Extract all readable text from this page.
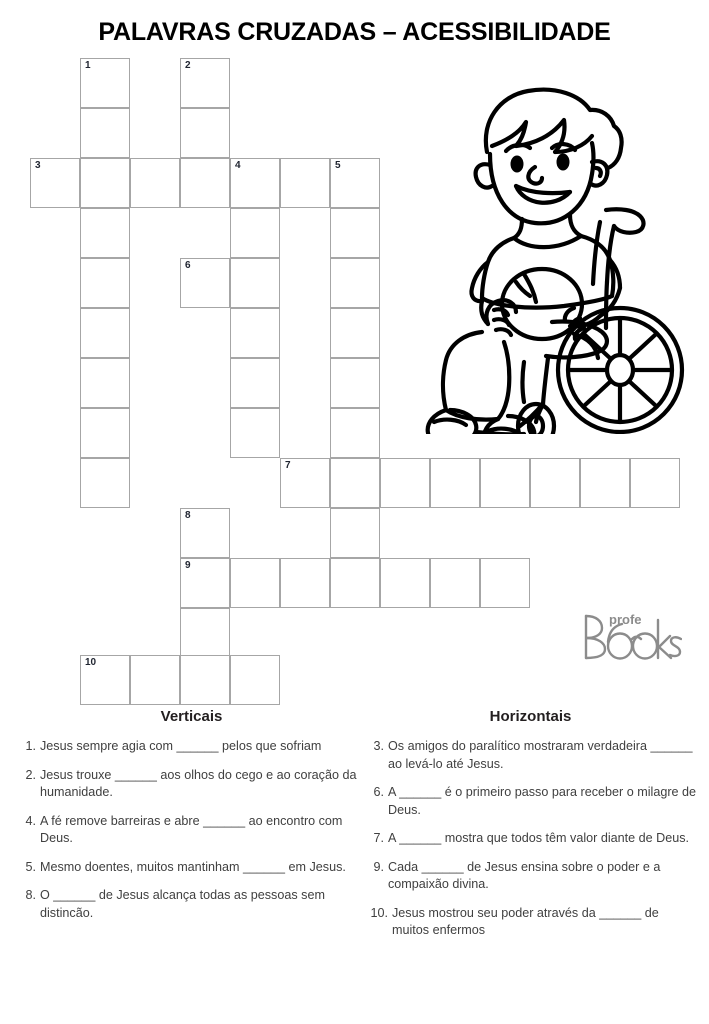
PALAVRAS CRUZADAS – ACESSIBILIDADE
1	2
3	4	5
6
7
8
9
10
profe
Verticais
1. Jesus sempre agia com ______ pelos que sofriam
2. Jesus trouxe ______ aos olhos do cego e ao coração da humanidade.
4. A fé remove barreiras e abre ______ ao encontro com Deus.
5. Mesmo doentes, muitos mantinham ______ em Jesus.
8. O ______ de Jesus alcança todas as pessoas sem distincão.
Horizontais
3. Os amigos do paralítico mostraram verdadeira ______ ao levá-lo até Jesus.
6. A ______ é o primeiro passo para receber o milagre de Deus.
7. A ______ mostra que todos têm valor diante de Deus.
9. Cada ______ de Jesus ensina sobre o poder e a compaixão divina.
10. Jesus mostrou seu poder através da ______ de muitos enfermos
